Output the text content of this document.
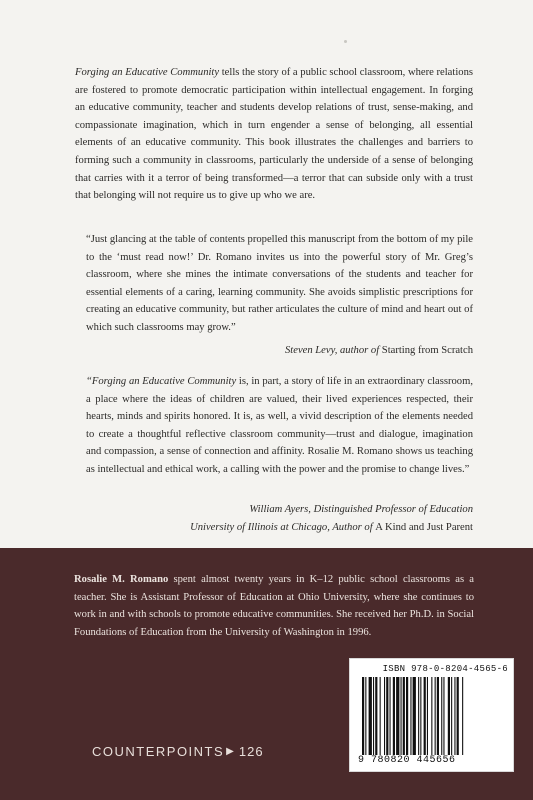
Forging an Educative Community tells the story of a public school classroom, where relations are fostered to promote democratic participation within intellectual engagement. In forging an educative community, teacher and students develop relations of trust, sense-making, and compassionate imagination, which in turn engender a sense of belonging, all essential elements of an educative community. This book illustrates the challenges and barriers to forming such a community in classrooms, particularly the underside of a sense of belonging that carries with it a terror of being transformed—a terror that can subside only with a trust that belonging will not require us to give up who we are.

“Just glancing at the table of contents propelled this manuscript from the bottom of my pile to the ‘must read now!’ Dr. Romano invites us into the powerful story of Mr. Greg’s classroom, where she mines the intimate conversations of the students and teacher for essential elements of a caring, learning community. She avoids simplistic prescriptions for creating an educative community, but rather articulates the culture of mind and heart out of which such classrooms may grow.”

Steven Levy, author of Starting from Scratch

“Forging an Educative Community is, in part, a story of life in an extraordinary classroom, a place where the ideas of children are valued, their lived experiences respected, their hearts, minds and spirits honored. It is, as well, a vivid description of the elements needed to create a thoughtful reflective classroom community—trust and dialogue, imagination and compassion, a sense of connection and affinity. Rosalie M. Romano shows us teaching as intellectual and ethical work, a calling with the power and the promise to change lives.”

William Ayers, Distinguished Professor of Education

University of Illinois at Chicago, Author of A Kind and Just Parent

Rosalie M. Romano spent almost twenty years in K–12 public school classrooms as a teacher. She is Assistant Professor of Education at Ohio University, where she continues to work in and with schools to promote educative communities. She received her Ph.D. in Social Foundations of Education from the University of Washington in 1996.

ISBN 978-0-8204-4565-6
9 780820 445656
COUNTERPOINTS ▶ 126
